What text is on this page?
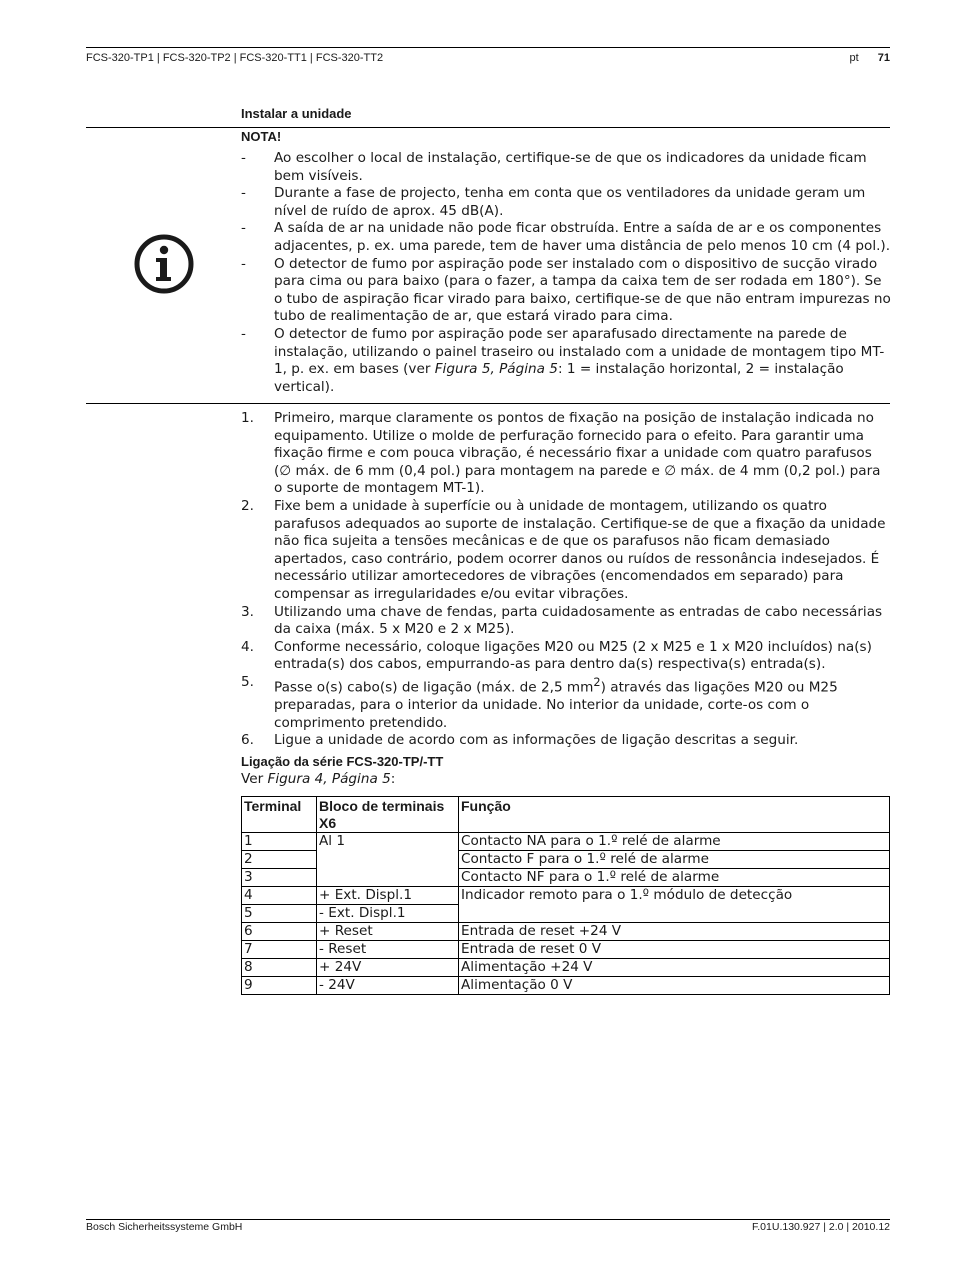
FCS-320-TP1 | FCS-320-TP2 | FCS-320-TT1 | FCS-320-TT2	pt 71
Instalar a unidade
NOTA!
- Ao escolher o local de instalação, certifique-se de que os indicadores da unidade ficam bem visíveis.
- Durante a fase de projecto, tenha em conta que os ventiladores da unidade geram um nível de ruído de aprox. 45 dB(A).
- A saída de ar na unidade não pode ficar obstruída. Entre a saída de ar e os componentes adjacentes, p. ex. uma parede, tem de haver uma distância de pelo menos 10 cm (4 pol.).
- O detector de fumo por aspiração pode ser instalado com o dispositivo de sucção virado para cima ou para baixo (para o fazer, a tampa da caixa tem de ser rodada em 180°). Se o tubo de aspiração ficar virado para baixo, certifique-se de que não entram impurezas no tubo de realimentação de ar, que estará virado para cima.
- O detector de fumo por aspiração pode ser aparafusado directamente na parede de instalação, utilizando o painel traseiro ou instalado com a unidade de montagem tipo MT-1, p. ex. em bases (ver Figura 5, Página 5: 1 = instalação horizontal, 2 = instalação vertical).
1. Primeiro, marque claramente os pontos de fixação na posição de instalação indicada no equipamento. Utilize o molde de perfuração fornecido para o efeito. Para garantir uma fixação firme e com pouca vibração, é necessário fixar a unidade com quatro parafusos (∅ máx. de 6 mm (0,4 pol.) para montagem na parede e ∅ máx. de 4 mm (0,2 pol.) para o suporte de montagem MT-1).
2. Fixe bem a unidade à superfície ou à unidade de montagem, utilizando os quatro parafusos adequados ao suporte de instalação. Certifique-se de que a fixação da unidade não fica sujeita a tensões mecânicas e de que os parafusos não ficam demasiado apertados, caso contrário, podem ocorrer danos ou ruídos de ressonância indesejados. É necessário utilizar amortecedores de vibrações (encomendados em separado) para compensar as irregularidades e/ou evitar vibrações.
3. Utilizando uma chave de fendas, parta cuidadosamente as entradas de cabo necessárias da caixa (máx. 5 x M20 e 2 x M25).
4. Conforme necessário, coloque ligações M20 ou M25 (2 x M25 e 1 x M20 incluídos) na(s) entrada(s) dos cabos, empurrando-as para dentro da(s) respectiva(s) entrada(s).
5. Passe o(s) cabo(s) de ligação (máx. de 2,5 $mm^2$) através das ligações M20 ou M25 preparadas, para o interior da unidade. No interior da unidade, corte-os com o comprimento pretendido.
6. Ligue a unidade de acordo com as informações de ligação descritas a seguir.
Ligação da série FCS-320-TP/-TT
Ver Figura 4, Página 5:
Terminal	Bloco de terminais X6	Função
1	Al 1	Contacto NA para o 1.º relé de alarme
2		Contacto F para o 1.º relé de alarme
3		Contacto NF para o 1.º relé de alarme
4	+ Ext. Displ.1	Indicador remoto para o 1.º módulo de detecção
5	- Ext. Displ.1	
6	+ Reset	Entrada de reset +24 V
7	- Reset	Entrada de reset 0 V
8	+ 24V	Alimentação +24 V
9	- 24V	Alimentação 0 V
Bosch Sicherheitssysteme GmbH	F.01U.130.927 | 2.0 | 2010.12
